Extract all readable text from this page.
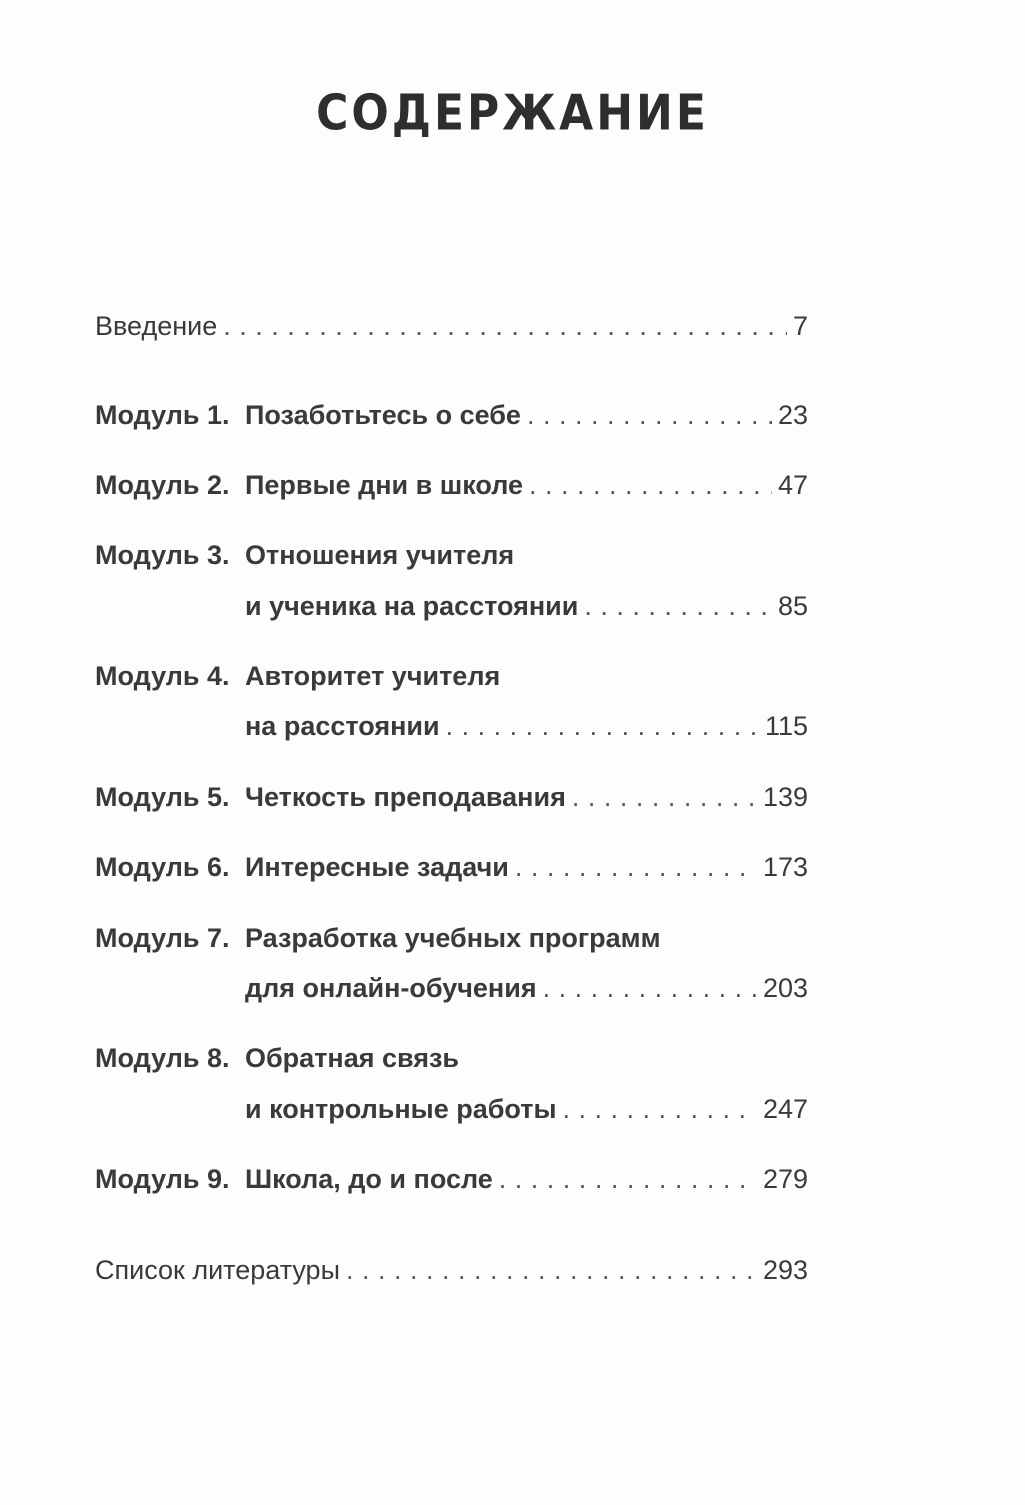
СОДЕРЖАНИЕ
Введение . . .	7
Модуль 1. Позаботьтесь о себе . . .	23
Модуль 2. Первые дни в школе . . .	47
Модуль 3. Отношения учителя
и ученика на расстоянии . . .	85
Модуль 4. Авторитет учителя
на расстоянии . . .	115
Модуль 5. Четкость преподавания . . .	139
Модуль 6. Интересные задачи . . .	173
Модуль 7. Разработка учебных программ
для онлайн-обучения . . .	203
Модуль 8. Обратная связь
и контрольные работы . . .	247
Модуль 9. Школа, до и после . . .	279
Список литературы . . .	293
